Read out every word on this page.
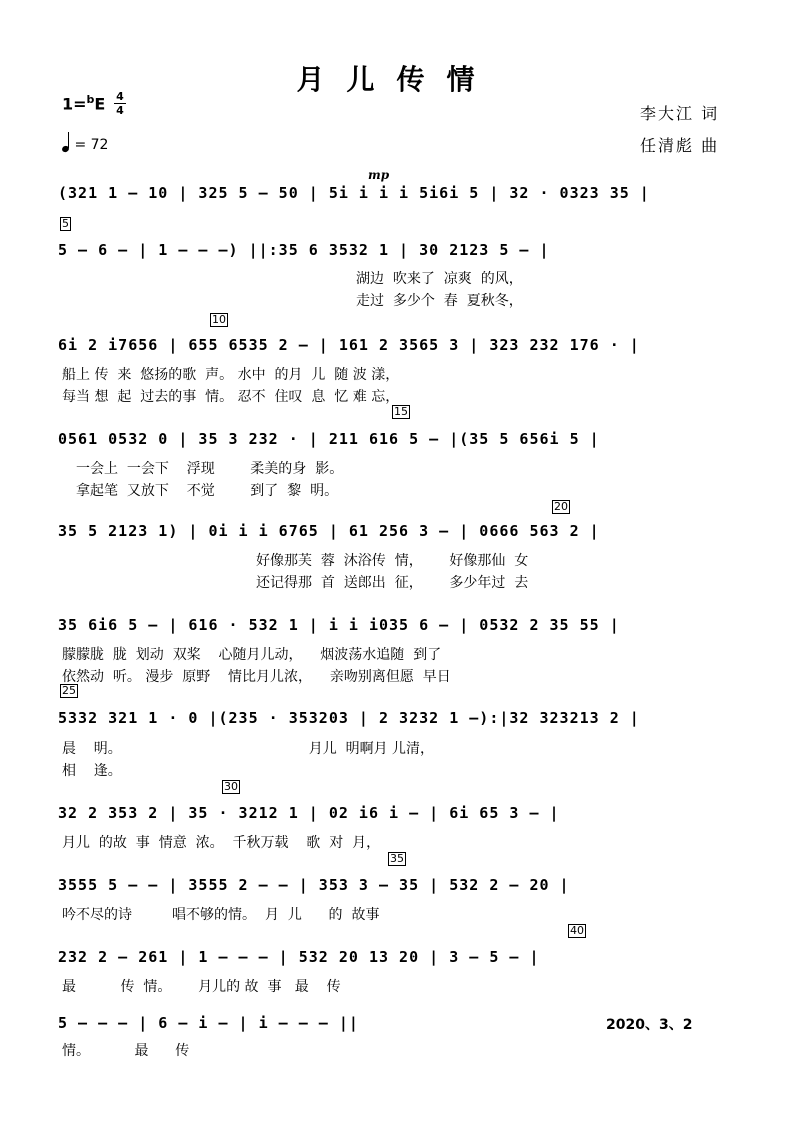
月儿传情
1=$^b$E 4
4
= 72
李大江 词
任清彪 曲
mp
5
10
15
20
25
30
35
40
(321 1 – 10 | 325 5 – 50 | 5i i i i 5i6i 5 | 32 · 0323 35 |
5 – 6 – | 1 – – –) ||:35 6 3532 1 | 30 2123 5 – |
6i 2 i7656 | 655 6535 2 – | 161 2 3565 3 | 323 232 176 · |
0561 0532 0 | 35 3 232 · | 211 616 5 – |(35 5 656i 5 |
35 5 2123 1) | 0i i i 6765 | 61 256 3 – | 0666 563 2 |
35 6i6 5 – | 616 · 532 1 | i i i035 6 – | 0532 2 35 55 |
5332 321 1 · 0 |(235 · 353203 | 2 3232 1 –):|32 323213 2 |
32 2 353 2 | 35 · 3212 1 | 02 i6 i – | 6i 65 3 – |
3555 5 – – | 3555 2 – – | 353 3 – 35 | 532 2 – 20 |
232 2 – 261 | 1 – – – | 532 20 13 20 | 3 – 5 – |
5 – – – | 6 – i – | i – – – ||
湖边  吹来了  凉爽  的风，
走过  多少个  春  夏秋冬，
船上 传  来  悠扬的歌  声。 水中  的月  儿  随 波 漾，
每当 想  起  过去的事  情。 忍不  住叹  息  忆 难 忘，
一会上  一会下    浮现        柔美的身  影。
拿起笔  又放下    不觉        到了  黎  明。
好像那芙  蓉  沐浴传  情，      好像那仙  女
还记得那  首  送郎出  征，      多少年过  去
朦朦胧  胧  划动  双桨    心随月儿动，    烟波荡水追随  到了
依然动  听。 漫步  原野    情比月儿浓，    亲吻别离但愿  早日
晨    明。                                          月儿  明啊月 儿清，
相    逢。
月儿  的故  事  情意  浓。  千秋万载    歌  对  月，
吟不尽的诗         唱不够的情。  月  儿      的  故事
最          传  情。      月儿的 故  事   最    传
情。          最      传
2020、3、2
